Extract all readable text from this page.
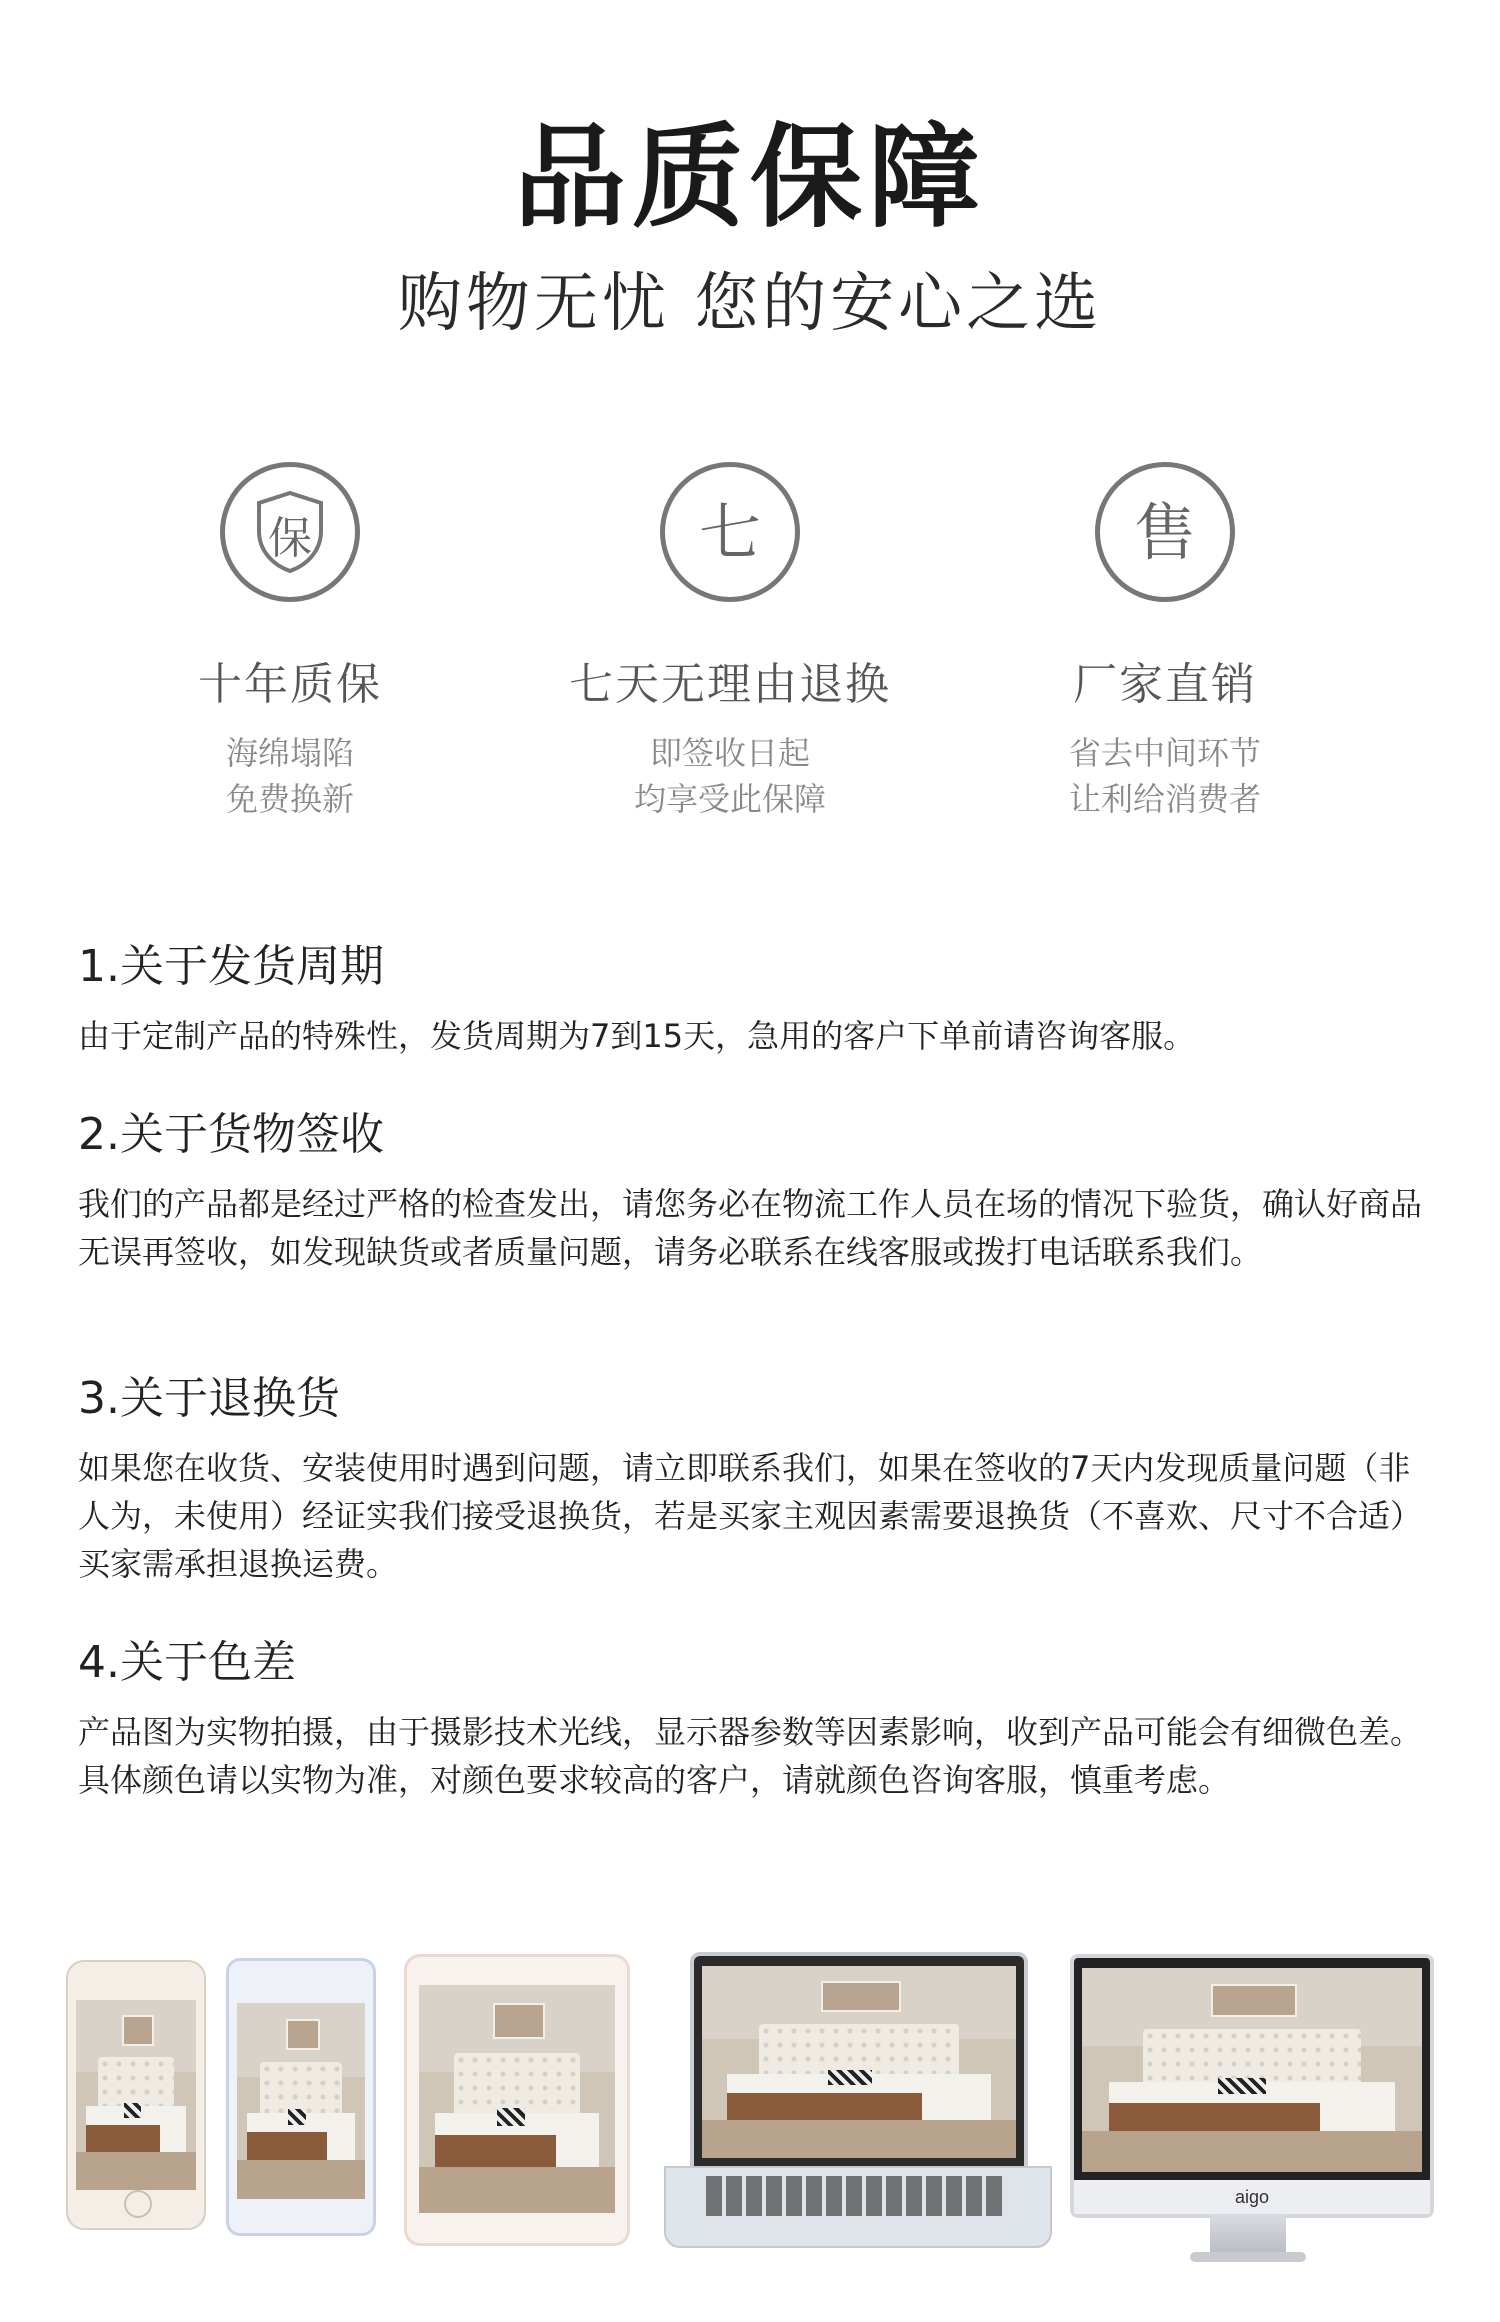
品质保障
购物无忧 您的安心之选
保
十年质保
海绵塌陷
免费换新
七
七天无理由退换
即签收日起
均享受此保障
售
厂家直销
省去中间环节
让利给消费者
1.关于发货周期
由于定制产品的特殊性，发货周期为7到15天，急用的客户下单前请咨询客服。
2.关于货物签收
我们的产品都是经过严格的检查发出，请您务必在物流工作人员在场的情况下验货，确认好商品无误再签收，如发现缺货或者质量问题，请务必联系在线客服或拨打电话联系我们。
3.关于退换货
如果您在收货、安装使用时遇到问题，请立即联系我们，如果在签收的7天内发现质量问题（非人为，未使用）经证实我们接受退换货，若是买家主观因素需要退换货（不喜欢、尺寸不合适）买家需承担退换运费。
4.关于色差
产品图为实物拍摄，由于摄影技术光线，显示器参数等因素影响，收到产品可能会有细微色差。具体颜色请以实物为准，对颜色要求较高的客户，请就颜色咨询客服，慎重考虑。
aigo
